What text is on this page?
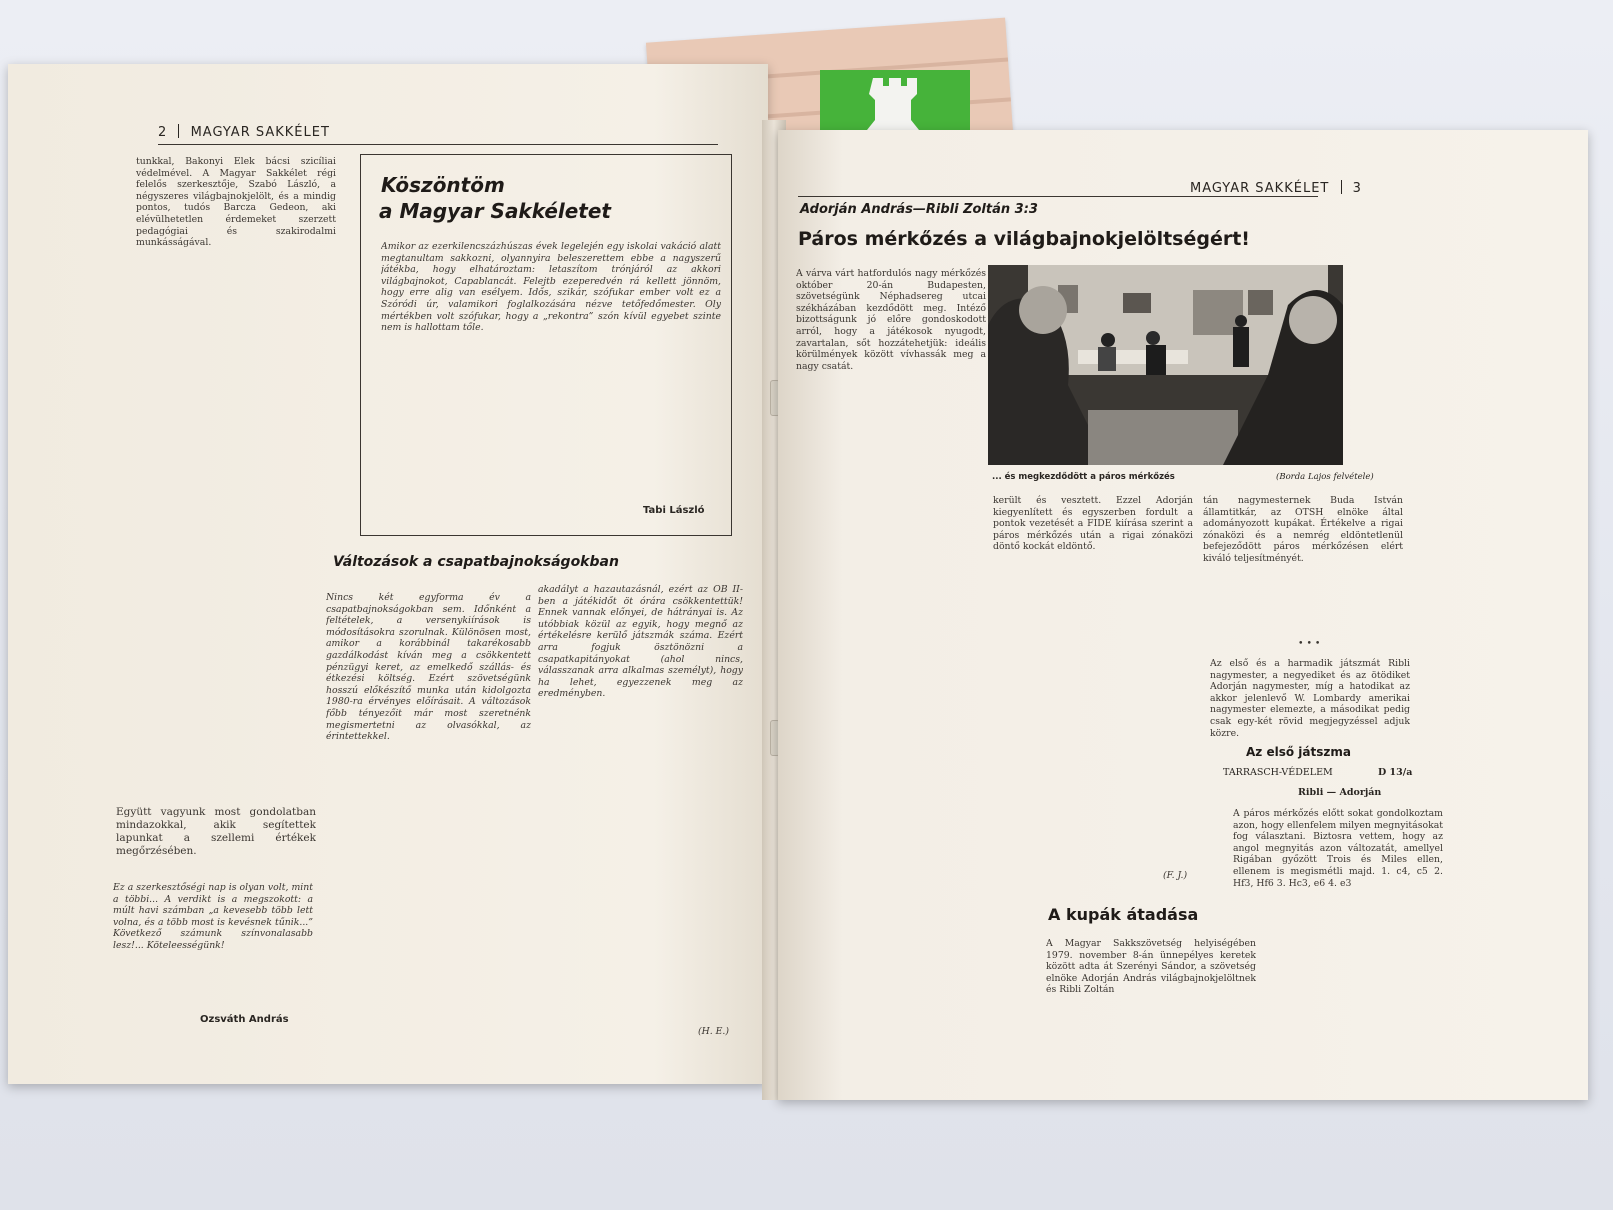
2 MAGYAR SAKKÉLET
tunkkal, Bakonyi Elek bácsi szicíliai védelmével. A Magyar Sakkélet régi felelős szerkesztője, Szabó László, a négyszeres világbajnokjelölt, és a mindig pontos, tudós Barcza Gedeon, aki elévülhetetlen érdemeket szerzett pedagógiai és szakirodalmi munkásságával.
Együtt vagyunk most gondolatban mindazokkal, akik segítettek lapunkat a szellemi értékek megőrzésében.
Ez a szerkesztőségi nap is olyan volt, mint a többi... A verdikt is a megszokott: a múlt havi számban „a kevesebb több lett volna, és a több most is kevésnek tűnik...” Következő számunk színvonalasabb lesz!... Köteleességünk!
Ozsváth András
Köszöntöm
a Magyar Sakkéletet
Amikor az ezerkilencszázhúszas évek legelején egy iskolai vakáció alatt megtanultam sakkozni, olyannyira beleszerettem ebbe a nagyszerű játékba, hogy elhatároztam: letaszítom trónjáról az akkori világbajnokot, Capablancát. Felejtb ezeperedvén rá kellett jönnöm, hogy erre alig van esélyem. Idős, szikár, szófukar ember volt ez a Szóródi úr, valamikori foglalkozására nézve tetőfedőmester. Oly mértékben volt szófukar, hogy a „rekontra” szón kívül egyebet szinte nem is hallottam tőle.
Tabi László
Változások a csapatbajnokságokban
Nincs két egyforma év a csapatbajnokságokban sem. Időnként a feltételek, a versenykiírások is módosításokra szorulnak. Különösen most, amikor a korábbinál takarékosabb gazdálkodást kíván meg a csökkentett pénzügyi keret, az emelkedő szállás- és étkezési költség. Ezért szövetségünk hosszú előkészítő munka után kidolgozta 1980-ra érvényes előírásait. A változások főbb tényezőit már most szeretnénk megismertetni az olvasókkal, az érintettekkel.
akadályt a hazautazásnál, ezért az OB II-ben a játékidőt öt órára csökkentettük! Ennek vannak előnyei, de hátrányai is. Az utóbbiak közül az egyik, hogy megnő az értékelésre kerülő játszmák száma. Ezért arra fogjuk ösztönözni a csapatkapitányokat (ahol nincs, válasszanak arra alkalmas személyt), hogy ha lehet, egyezzenek meg az eredményben.
(H. E.)
MAGYAR SAKKÉLET 3
Adorján András—Ribli Zoltán 3:3
Páros mérkőzés a világbajnokjelöltségért!
A várva várt hatfordulós nagy mérkőzés október 20-án Budapesten, szövetségünk Néphadsereg utcai székházában kezdődött meg. Intéző bizottságunk jó előre gondoskodott arról, hogy a játékosok nyugodt, zavartalan, sőt hozzátehetjük: ideális körülmények között vívhassák meg a nagy csatát.
... és megkezdődött a páros mérkőzés	(Borda Lajos felvétele)
került és vesztett. Ezzel Adorján kiegyenlített és egyszerben fordult a pontok vezetését a FIDE kiírása szerint a páros mérkőzés után a rigai zónaközi döntő kockát eldöntő.
(F. J.)
A kupák átadása
A Magyar Sakkszövetség helyiségében 1979. november 8-án ünnepélyes keretek között adta át Szerényi Sándor, a szövetség elnöke Adorján András világbajnokjelöltnek és Ribli Zoltán
tán nagymesternek Buda István államtitkár, az OTSH elnöke által adományozott kupákat. Értékelve a rigai zónaközi és a nemrég eldöntetlenül befejeződött páros mérkőzésen elért kiváló teljesítményét.
• • •
Az első és a harmadik játszmát Ribli nagymester, a negyediket és az ötödiket Adorján nagymester, míg a hatodikat az akkor jelenlevő W. Lombardy amerikai nagymester elemezte, a másodikat pedig csak egy-két rövid megjegyzéssel adjuk közre.
Az első játszma
TARRASCH-VÉDELEM	D 13/a
Ribli — Adorján
A páros mérkőzés előtt sokat gondolkoztam azon, hogy ellenfelem milyen megnyitásokat fog választani. Biztosra vettem, hogy az angol megnyitás azon változatát, amellyel Rigában győzött Trois és Miles ellen, ellenem is megismétli majd. 1. c4, c5 2. Hf3, Hf6 3. Hc3, e6 4. e3
